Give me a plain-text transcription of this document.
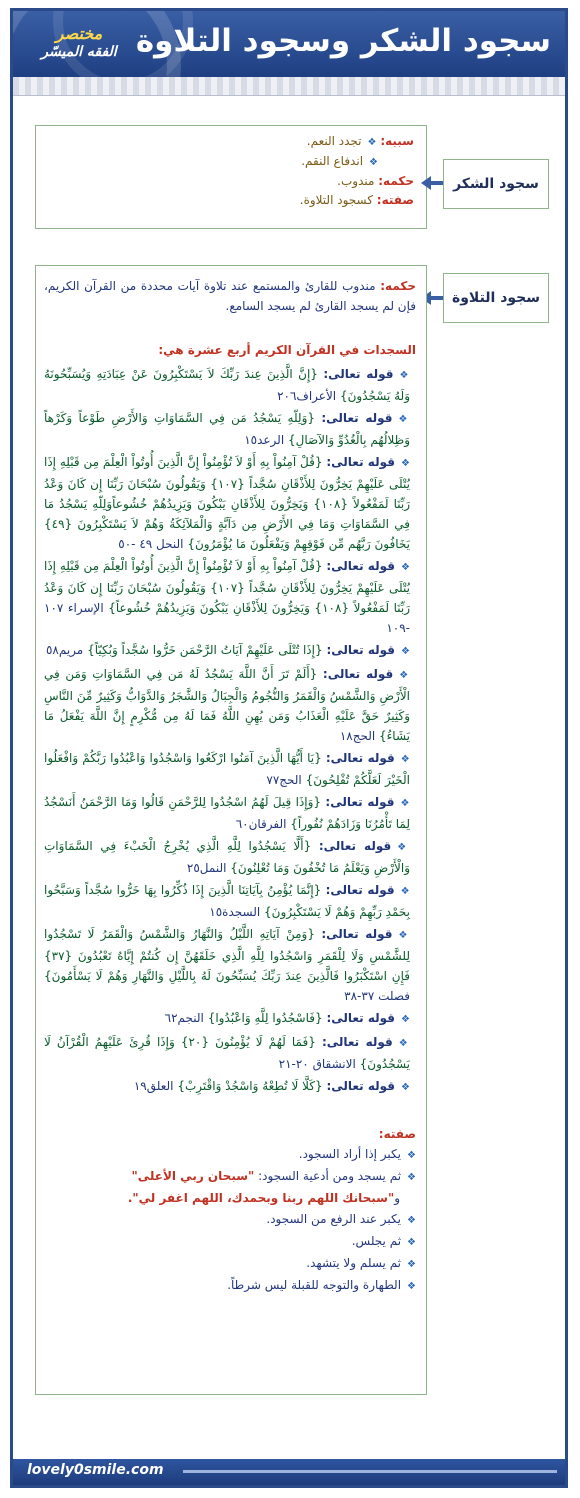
سجود الشكر وسجود التلاوة
مختصر
الفقه الميسّر
سببه: ❖تجدد النعم.
❖اندفاع النقم.
حكمه: مندوب.
صفته: كسجود التلاوة.
سجود الشكر
سجود التلاوة
حكمه: مندوب للقارئ والمستمع عند تلاوة آيات محددة من القرآن الكريم، فإن لم يسجد القارئ لم يسجد السامع.
السجدات في القرآن الكريم أربع عشرة هي:
❖قوله تعالى: {إِنَّ الَّذِينَ عِندَ رَبِّكَ لاَ يَسْتَكْبِرُونَ عَنْ عِبَادَتِهِ وَيُسَبِّحُونَهُ وَلَهُ يَسْجُدُونَ} الأعراف٢٠٦
❖قوله تعالى: {وَلِلّهِ يَسْجُدُ مَن فِي السَّمَاوَاتِ وَالأَرْضِ طَوْعاً وَكَرْهاً وَظِلالُهُم بِالْغُدُوِّ وَالآصَالِ} الرعد١٥
❖قوله تعالى: {قُلْ آمِنُواْ بِهِ أَوْ لاَ تُؤْمِنُواْ إِنَّ الَّذِينَ أُوتُواْ الْعِلْمَ مِن قَبْلِهِ إِذَا يُتْلَى عَلَيْهِمْ يَخِرُّونَ لِلأَذْقَانِ سُجَّداً {١٠٧} وَيَقُولُونَ سُبْحَانَ رَبِّنَا إِن كَانَ وَعْدُ رَبِّنَا لَمَفْعُولاً {١٠٨} وَيَخِرُّونَ لِلأَذْقَانِ يَبْكُونَ وَيَزِيدُهُمْ خُشُوعاًوَلِلّهِ يَسْجُدُ مَا فِي السَّمَاوَاتِ وَمَا فِي الأَرْضِ مِن دَآبَّةٍ وَالْمَلآئِكَةُ وَهُمْ لاَ يَسْتَكْبِرُونَ {٤٩} يَخَافُونَ رَبَّهُم مِّن فَوْقِهِمْ وَيَفْعَلُونَ مَا يُؤْمَرُونَ} النحل ٤٩ -٥٠
❖قوله تعالى: {قُلْ آمِنُواْ بِهِ أَوْ لاَ تُؤْمِنُواْ إِنَّ الَّذِينَ أُوتُواْ الْعِلْمَ مِن قَبْلِهِ إِذَا يُتْلَى عَلَيْهِمْ يَخِرُّونَ لِلأَذْقَانِ سُجَّداً {١٠٧} وَيَقُولُونَ سُبْحَانَ رَبِّنَا إِن كَانَ وَعْدُ رَبِّنَا لَمَفْعُولاً {١٠٨} وَيَخِرُّونَ لِلأَذْقَانِ يَبْكُونَ وَيَزِيدُهُمْ خُشُوعاً} الإسراء ١٠٧ -١٠٩
❖قوله تعالى: {إِذَا تُتْلَى عَلَيْهِمْ آيَاتُ الرَّحْمَن خَرُّوا سُجَّداً وَبُكِيّاً} مريم٥٨
❖قوله تعالى: {أَلَمْ تَرَ أَنَّ اللَّهَ يَسْجُدُ لَهُ مَن فِي السَّمَاوَاتِ وَمَن فِي الْأَرْضِ وَالشَّمْسُ وَالْقَمَرُ وَالنُّجُومُ وَالْجِبَالُ وَالشَّجَرُ وَالدَّوَابُّ وَكَثِيرٌ مِّنَ النَّاسِ وَكَثِيرٌ حَقَّ عَلَيْهِ الْعَذَابُ وَمَن يُهِنِ اللَّهُ فَمَا لَهُ مِن مُّكْرِمٍ إِنَّ اللَّهَ يَفْعَلُ مَا يَشَاءُ} الحج١٨
❖قوله تعالى: {يَا أَيُّهَا الَّذِينَ آمَنُوا ارْكَعُوا وَاسْجُدُوا وَاعْبُدُوا رَبَّكُمْ وَافْعَلُوا الْخَيْرَ لَعَلَّكُمْ تُفْلِحُونَ} الحج٧٧
❖قوله تعالى: {وَإِذَا قِيلَ لَهُمُ اسْجُدُوا لِلرَّحْمَنِ قَالُوا وَمَا الرَّحْمَنُ أَنَسْجُدُ لِمَا تَأْمُرُنَا وَزَادَهُمْ نُفُوراً} الفرقان٦٠
❖قوله تعالى: {أَلَّا يَسْجُدُوا لِلَّهِ الَّذِي يُخْرِجُ الْخَبْءَ فِي السَّمَاوَاتِ وَالْأَرْضِ وَيَعْلَمُ مَا تُخْفُونَ وَمَا تُعْلِنُونَ} النمل٢٥
❖قوله تعالى: {إِنَّمَا يُؤْمِنُ بِآيَاتِنَا الَّذِينَ إِذَا ذُكِّرُوا بِهَا خَرُّوا سُجَّداً وَسَبَّحُوا بِحَمْدِ رَبِّهِمْ وَهُمْ لَا يَسْتَكْبِرُونَ} السجدة١٥
❖قوله تعالى: {وَمِنْ آيَاتِهِ اللَّيْلُ وَالنَّهَارُ وَالشَّمْسُ وَالْقَمَرُ لَا تَسْجُدُوا لِلشَّمْسِ وَلَا لِلْقَمَرِ وَاسْجُدُوا لِلَّهِ الَّذِي خَلَقَهُنَّ إِن كُنتُمْ إِيَّاهُ تَعْبُدُونَ {٣٧} فَإِنِ اسْتَكْبَرُوا فَالَّذِينَ عِندَ رَبِّكَ يُسَبِّحُونَ لَهُ بِاللَّيْلِ وَالنَّهَارِ وَهُمْ لَا يَسْأَمُونَ} فصلت ٣٧-٣٨
❖قوله تعالى: {فَاسْجُدُوا لِلَّهِ وَاعْبُدُوا} النجم٦٢
❖قوله تعالى: {فَمَا لَهُمْ لَا يُؤْمِنُونَ {٢٠} وَإِذَا قُرِئَ عَلَيْهِمُ الْقُرْآنُ لَا يَسْجُدُونَ} الانشقاق ٢٠-٢١
❖قوله تعالى: {كَلَّا لَا تُطِعْهُ وَاسْجُدْ وَاقْتَرِبْ} العلق١٩
صفته:
❖يكبر إذا أراد السجود.
❖ثم يسجد ومن أدعية السجود: "سبحان ربي الأعلى"
و"سبحانك اللهم ربنا وبحمدك، اللهم اغفر لي".
❖يكبر عند الرفع من السجود.
❖ثم يجلس.
❖ثم يسلم ولا يتشهد.
❖الطهارة والتوجه للقبلة ليس شرطاً.
lovely0smile.com
